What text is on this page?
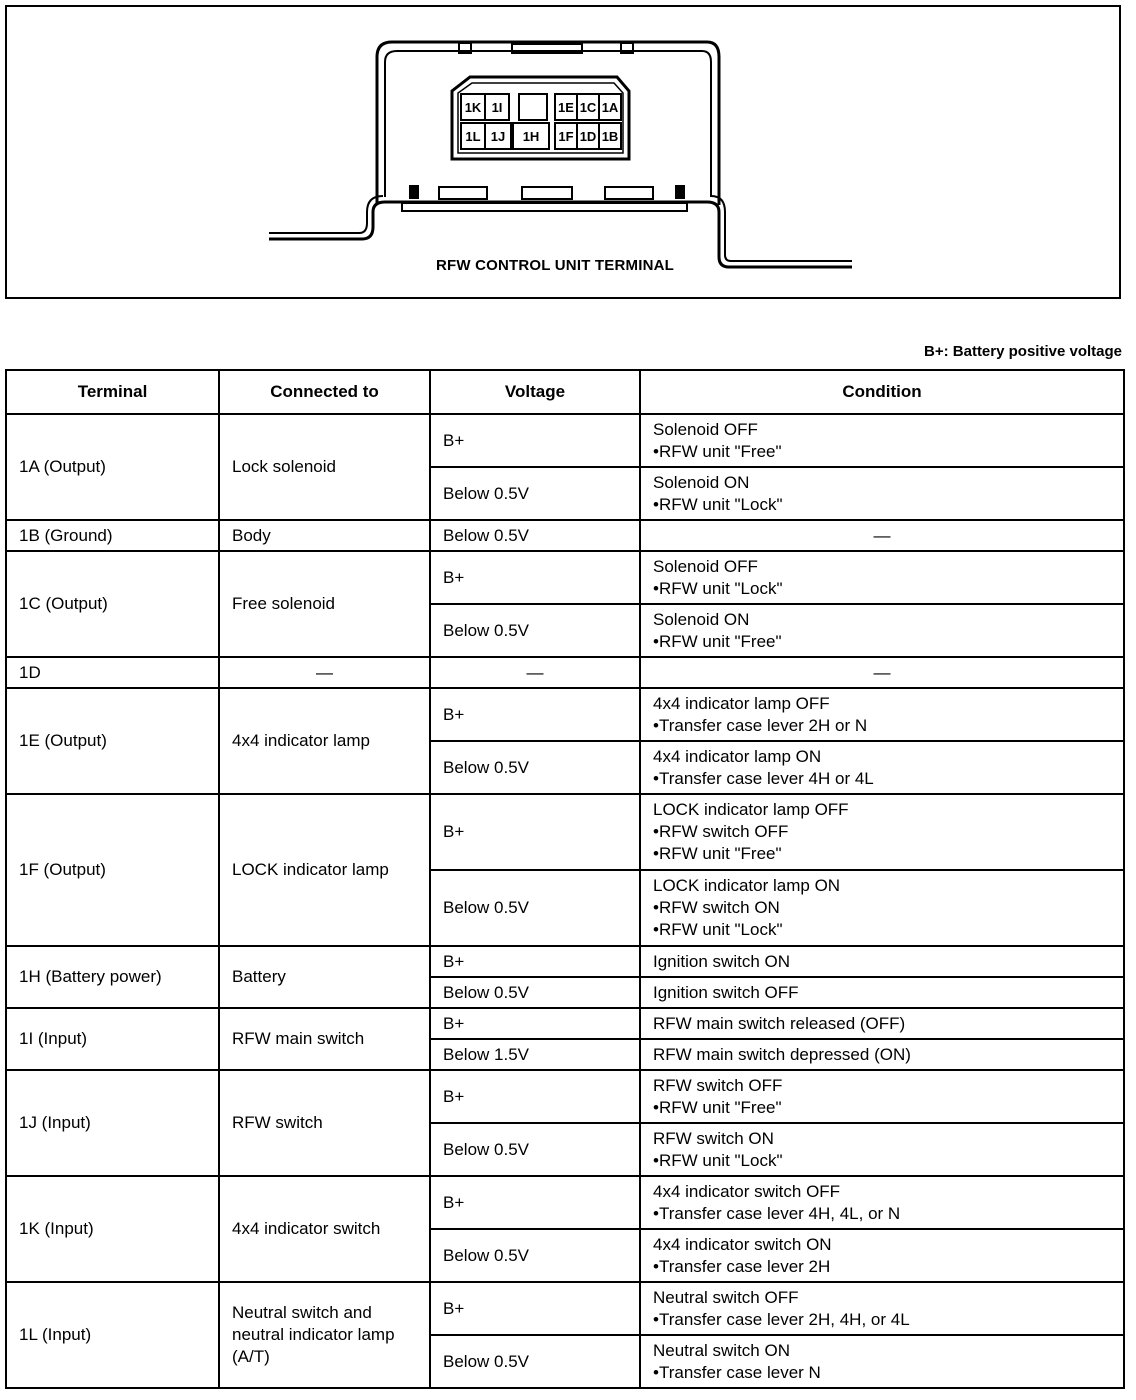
1K 1I	1E 1C 1A
1L 1J 1H 1F 1D 1B
RFW CONTROL UNIT TERMINAL
B+: Battery positive voltage
Terminal	Connected to	Voltage	Condition
1A (Output)	Lock solenoid	B+	Solenoid OFF
•RFW unit "Free"

		Below 0.5V	Solenoid ON
•RFW unit "Lock"

1B (Ground)	Body	Below 0.5V	—

1C (Output)	Free solenoid	B+	Solenoid OFF
•RFW unit "Lock"

		Below 0.5V	Solenoid ON
•RFW unit "Free"

1D	—	—	—

1E (Output)	4x4 indicator lamp	B+	4x4 indicator lamp OFF
•Transfer case lever 2H or N

		Below 0.5V	4x4 indicator lamp ON
•Transfer case lever 4H or 4L

1F (Output)	LOCK indicator lamp	B+	LOCK indicator lamp OFF
•RFW switch OFF
•RFW unit "Free"

		Below 0.5V	LOCK indicator lamp ON
•RFW switch ON
•RFW unit "Lock"

1H (Battery power)	Battery	B+	Ignition switch ON

		Below 0.5V	Ignition switch OFF

1I (Input)	RFW main switch	B+	RFW main switch released (OFF)

		Below 1.5V	RFW main switch depressed (ON)

1J (Input)	RFW switch	B+	RFW switch OFF
•RFW unit "Free"

		Below 0.5V	RFW switch ON
•RFW unit "Lock"

1K (Input)	4x4 indicator switch	B+	4x4 indicator switch OFF
•Transfer case lever 4H, 4L, or N

		Below 0.5V	4x4 indicator switch ON
•Transfer case lever 2H

1L (Input)	Neutral switch and neutral indicator lamp (A/T)	B+	Neutral switch OFF
•Transfer case lever 2H, 4H, or 4L

		Below 0.5V	Neutral switch ON
•Transfer case lever N
